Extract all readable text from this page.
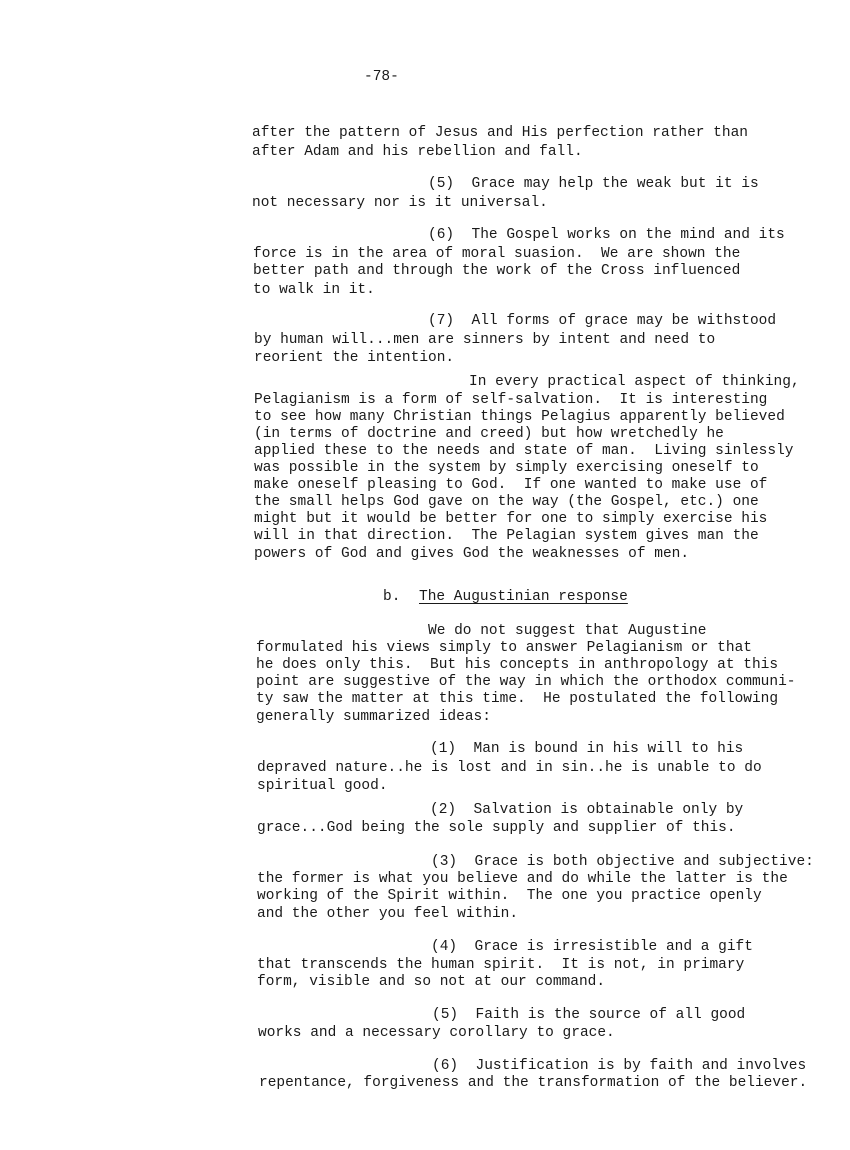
-78-
after the pattern of Jesus and His perfection rather than
after Adam and his rebellion and fall.
(5)  Grace may help the weak but it is
not necessary nor is it universal.
(6)  The Gospel works on the mind and its
force is in the area of moral suasion.  We are shown the
better path and through the work of the Cross influenced
to walk in it.
(7)  All forms of grace may be withstood
by human will...men are sinners by intent and need to
reorient the intention.
In every practical aspect of thinking,
Pelagianism is a form of self-salvation.  It is interesting
to see how many Christian things Pelagius apparently believed
(in terms of doctrine and creed) but how wretchedly he
applied these to the needs and state of man.  Living sinlessly
was possible in the system by simply exercising oneself to
make oneself pleasing to God.  If one wanted to make use of
the small helps God gave on the way (the Gospel, etc.) one
might but it would be better for one to simply exercise his
will in that direction.  The Pelagian system gives man the
powers of God and gives God the weaknesses of men.
b. The Augustinian response
We do not suggest that Augustine
formulated his views simply to answer Pelagianism or that
he does only this.  But his concepts in anthropology at this
point are suggestive of the way in which the orthodox communi-
ty saw the matter at this time.  He postulated the following
generally summarized ideas:
(1)  Man is bound in his will to his
depraved nature..he is lost and in sin..he is unable to do
spiritual good.
(2)  Salvation is obtainable only by
grace...God being the sole supply and supplier of this.
(3)  Grace is both objective and subjective:
the former is what you believe and do while the latter is the
working of the Spirit within.  The one you practice openly
and the other you feel within.
(4)  Grace is irresistible and a gift
that transcends the human spirit.  It is not, in primary
form, visible and so not at our command.
(5)  Faith is the source of all good
works and a necessary corollary to grace.
(6)  Justification is by faith and involves
repentance, forgiveness and the transformation of the believer.
